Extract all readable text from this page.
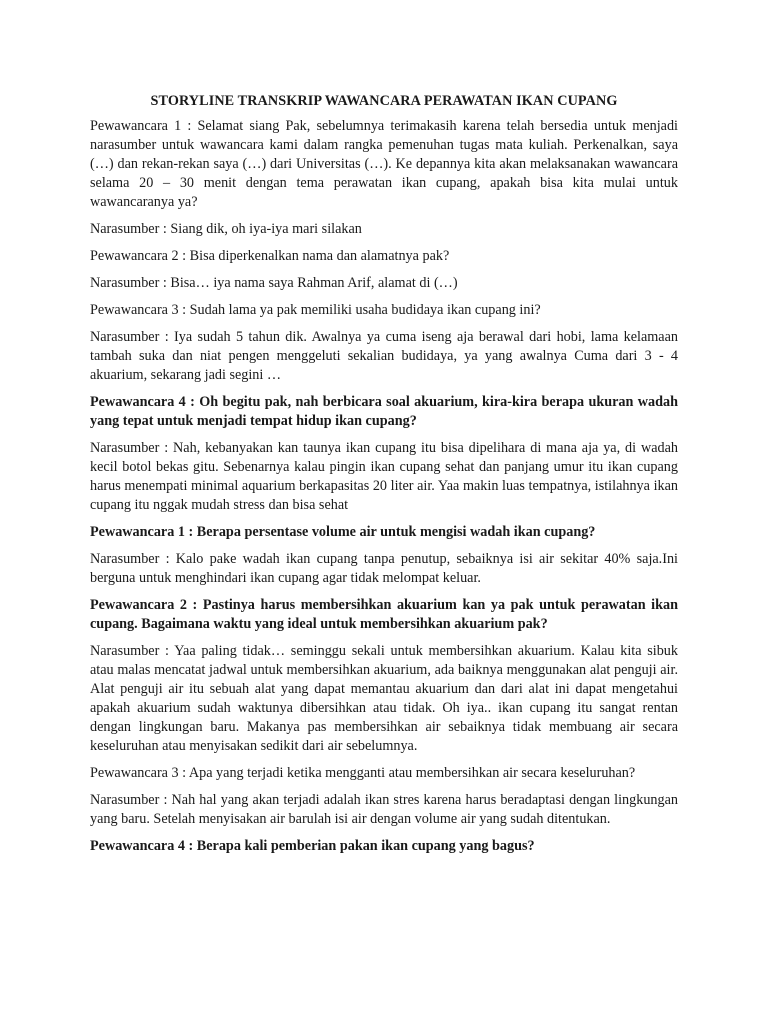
STORYLINE TRANSKRIP WAWANCARA PERAWATAN IKAN CUPANG

Pewawancara 1 : Selamat siang Pak, sebelumnya terimakasih karena telah bersedia untuk menjadi narasumber untuk wawancara kami dalam rangka pemenuhan tugas mata kuliah. Perkenalkan, saya (…) dan rekan-rekan saya (…) dari Universitas (…). Ke depannya kita akan melaksanakan wawancara selama 20 – 30 menit dengan tema perawatan ikan cupang, apakah bisa kita mulai untuk wawancaranya ya?

Narasumber : Siang dik, oh iya-iya mari silakan

Pewawancara 2 : Bisa diperkenalkan nama dan alamatnya pak?

Narasumber : Bisa… iya nama saya Rahman Arif, alamat di (…)

Pewawancara 3 : Sudah lama ya pak memiliki usaha budidaya ikan cupang ini?

Narasumber : Iya sudah 5 tahun dik. Awalnya ya cuma iseng aja berawal dari hobi, lama kelamaan tambah suka dan niat pengen menggeluti sekalian budidaya, ya yang awalnya Cuma dari 3 - 4 akuarium, sekarang jadi segini …

Pewawancara 4 : Oh begitu pak, nah berbicara soal akuarium, kira-kira berapa ukuran wadah yang tepat untuk menjadi tempat hidup ikan cupang?

Narasumber : Nah, kebanyakan kan taunya ikan cupang itu bisa dipelihara di mana aja ya, di wadah kecil botol bekas gitu. Sebenarnya kalau pingin ikan cupang sehat dan panjang umur itu ikan cupang harus menempati minimal aquarium berkapasitas 20 liter air. Yaa makin luas tempatnya, istilahnya ikan cupang itu nggak mudah stress dan bisa sehat

Pewawancara 1 : Berapa persentase volume air untuk mengisi wadah ikan cupang?

Narasumber : Kalo pake wadah ikan cupang tanpa penutup, sebaiknya isi air sekitar 40% saja.Ini berguna untuk menghindari ikan cupang agar tidak melompat keluar.

Pewawancara 2 : Pastinya harus membersihkan akuarium kan ya pak untuk perawatan ikan cupang. Bagaimana waktu yang ideal untuk membersihkan akuarium pak?

Narasumber : Yaa paling tidak… seminggu sekali untuk membersihkan akuarium. Kalau kita sibuk atau malas mencatat jadwal untuk membersihkan akuarium, ada baiknya menggunakan alat penguji air. Alat penguji air itu sebuah alat yang dapat memantau akuarium dan dari alat ini dapat mengetahui apakah akuarium sudah waktunya dibersihkan atau tidak. Oh iya.. ikan cupang itu sangat rentan dengan lingkungan baru. Makanya pas membersihkan air sebaiknya tidak membuang air secara keseluruhan atau menyisakan sedikit dari air sebelumnya.

Pewawancara 3 : Apa yang terjadi ketika mengganti atau membersihkan air secara keseluruhan?

Narasumber : Nah hal yang akan terjadi adalah ikan stres karena harus beradaptasi dengan lingkungan yang baru. Setelah menyisakan air barulah isi air dengan volume air yang sudah ditentukan.

Pewawancara 4 : Berapa kali pemberian pakan ikan cupang yang bagus?
